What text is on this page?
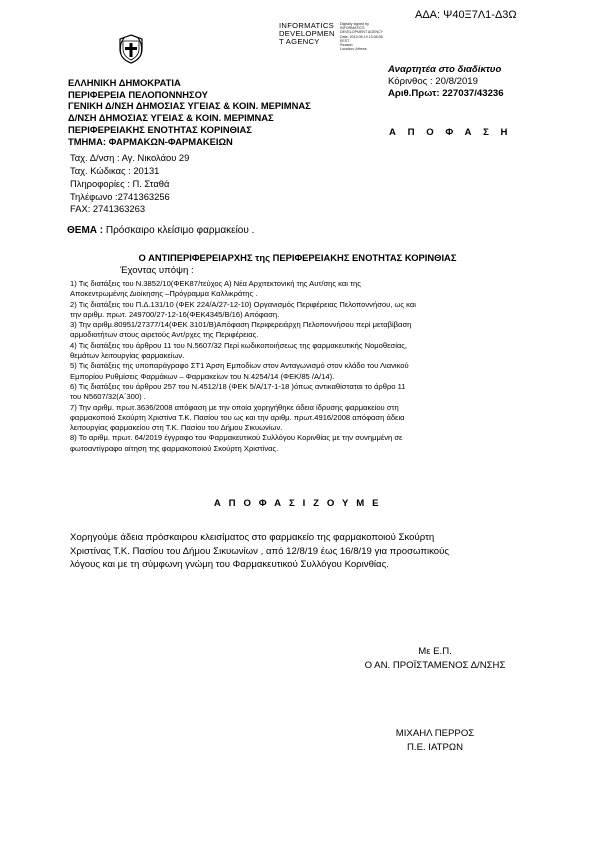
ΑΔΑ: Ψ40Ξ7Λ1-Δ3Ω
INFORMATICS
DEVELOPMEN
T AGENCY
Digitally signed by
INFORMATICS
DEVELOPMENT AGENCY
Date: 2019.08.19 13:36:08
EEST
Reason:
Location: Athens
Αναρτητέα στο διαδίκτυο
Κόρινθος : 20/8/2019
Αριθ.Πρωτ: 227037/43236
ΕΛΛΗΝΙΚΗ ΔΗΜΟΚΡΑΤΙΑ
ΠΕΡΙΦΕΡΕΙΑ ΠΕΛΟΠΟΝΝΗΣΟΥ
ΓΕΝΙΚΗ Δ/ΝΣΗ ΔΗΜΟΣΙΑΣ ΥΓΕΙΑΣ & ΚΟΙΝ. ΜΕΡΙΜΝΑΣ
Δ/ΝΣΗ ΔΗΜΟΣΙΑΣ ΥΓΕΙΑΣ & ΚΟΙΝ. ΜΕΡΙΜΝΑΣ
ΠΕΡΙΦΕΡΕΙΑΚΗΣ ΕΝΟΤΗΤΑΣ ΚΟΡΙΝΘΙΑΣ
ΤΜΗΜΑ: ΦΑΡΜΑΚΩΝ-ΦΑΡΜΑΚΕΙΩΝ
Α Π Ο Φ Α Σ Η
Ταχ. Δ/νση : Αγ. Νικολάου 29
Ταχ. Κώδικας : 20131
Πληροφορίες : Π. Σταθά
Τηλέφωνο :2741363256
FAX: 2741363263
ΘΕΜΑ : Πρόσκαιρο κλείσιμο φαρμακείου .
Ο ΑΝΤΙΠΕΡΙΦΕΡΕΙΑΡΧΗΣ της ΠΕΡΙΦΕΡΕΙΑΚΗΣ ΕΝΟΤΗΤΑΣ ΚΟΡΙΝΘΙΑΣ
Έχοντας υπόψη :
1) Τις διατάξεις του Ν.3852/10(ΦΕΚ87/τεύχος Α) Νέα Αρχιτεκτονική της Αυτ/σης και της
Αποκεντρωμένης Διοίκησης –Πρόγραμμα Καλλικράτης .
2) Τις διατάξεις του Π.Δ.131/10 (ΦΕΚ 224/Α/27-12-10) Οργανισμός Περιφέρειας Πελοποννήσου, ως και
την αριθμ. πρωτ. 249700/27-12-16(ΦΕΚ4345/Β/16) Απόφαση.
3) Την αριθμ.80951/27377/14(ΦΕΚ 3101/Β)Απόφαση Περιφερειάρχη Πελοποννήσου περί μεταβίβαση
αρμοδιοτήτων στους αιρετούς Αντ/ρχες της Περιφέρειας.
4) Τις διατάξεις του άρθρου 11 του Ν.5607/32 Περί κωδικοποιήσεως της φαρμακευτικής Νομοθεσίας,
θεμάτων λειτουργίας φαρμακείων.
5) Τις διατάξεις της υποπαράγραφο ΣΤ1 Άρση Εμποδίων στον Ανταγωνισμό στον κλάδο του Λιανικού
Εμπορίου Ρυθμίσεις Φαρμάκων – Φαρμακείων του Ν.4254/14 (ΦΕΚ/85 /Α/14).
6) Τις διατάξεις του άρθρου 257 του Ν.4512/18 (ΦΕΚ 5/Α/17-1-18 )όπως αντικαθίσταται το άρθρο 11
του Ν5607/32(Α΄300) .
7) Την αριθμ. πρωτ.3636/2008 απόφαση με την οποία χορηγήθηκε άδεια ίδρυσης φαρμακείου στη
φαρμακοποιό Σκούρτη Χριστίνα Τ.Κ. Πασίου του ως και την αριθμ. πρωτ.4916/2008 απόφαση άδεια
λειτουργίας φαρμακείου στη Τ.Κ. Πασίου του Δήμου Σικυωνίων.
8) Το αριθμ. πρωτ. 64/2019 έγγραφο του Φαρμακευτικού Συλλόγου Κορινθίας με την συνημμένη σε
φωτοαντίγραφο αίτηση της φαρμακοποιού Σκούρτη Χριστίνας.
Α Π Ο Φ Α Σ Ι Ζ Ο Υ Μ Ε
Χορηγούμε άδεια πρόσκαιρου κλεισίματος στο φαρμακείο της φαρμακοποιού Σκούρτη
Χριστίνας Τ.Κ. Πασίου του Δήμου Σικυωνίων , από 12/8/19 έως 16/8/19 για προσωπικούς
λόγους και με τη σύμφωνη γνώμη του Φαρμακευτικού Συλλόγου Κορινθίας.
Με Ε.Π.
Ο ΑΝ. ΠΡΟΪΣΤΑΜΕΝΟΣ Δ/ΝΣΗΣ
ΜΙΧΑΗΛ ΠΕΡΡΟΣ
Π.Ε. ΙΑΤΡΩΝ
